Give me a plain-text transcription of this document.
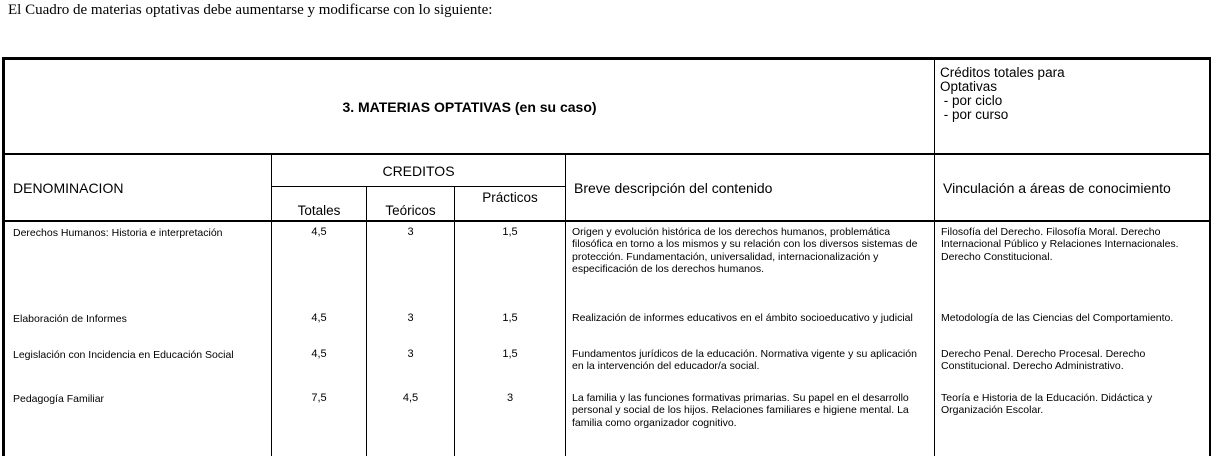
El Cuadro de materias optativas debe aumentarse y modificarse con lo siguiente:
3. MATERIAS OPTATIVAS (en su caso)					Créditos totales para
Optativas
- por ciclo
- por curso

DENOMINACION	CREDITOS			Breve descripción del contenido	Vinculación a áreas de conocimiento
	Totales	Teóricos	Prácticos		
Derechos Humanos: Historia e interpretación	4,5	3	1,5	Origen y evolución histórica de los derechos humanos, problemática filosófica en torno a los mismos y su relación con los diversos sistemas de protección. Fundamentación, universalidad, internacionalización y especificación de los derechos humanos.	Filosofía del Derecho. Filosofía Moral. Derecho Internacional Público y Relaciones Internacionales. Derecho Constitucional.
Elaboración de Informes	4,5	3	1,5	Realización de informes educativos en el ámbito socioeducativo y judicial	Metodología de las Ciencias del Comportamiento.
Legislación con Incidencia en Educación Social	4,5	3	1,5	Fundamentos jurídicos de la educación. Normativa vigente y su aplicación en la intervención del educador/a social.	Derecho Penal. Derecho Procesal. Derecho Constitucional. Derecho Administrativo.
Pedagogía Familiar	7,5	4,5	3	La familia y las funciones formativas primarias. Su papel en el desarrollo personal y social de los hijos. Relaciones familiares e higiene mental. La familia como organizador cognitivo.	Teoría e Historia de la Educación. Didáctica y Organización Escolar.
